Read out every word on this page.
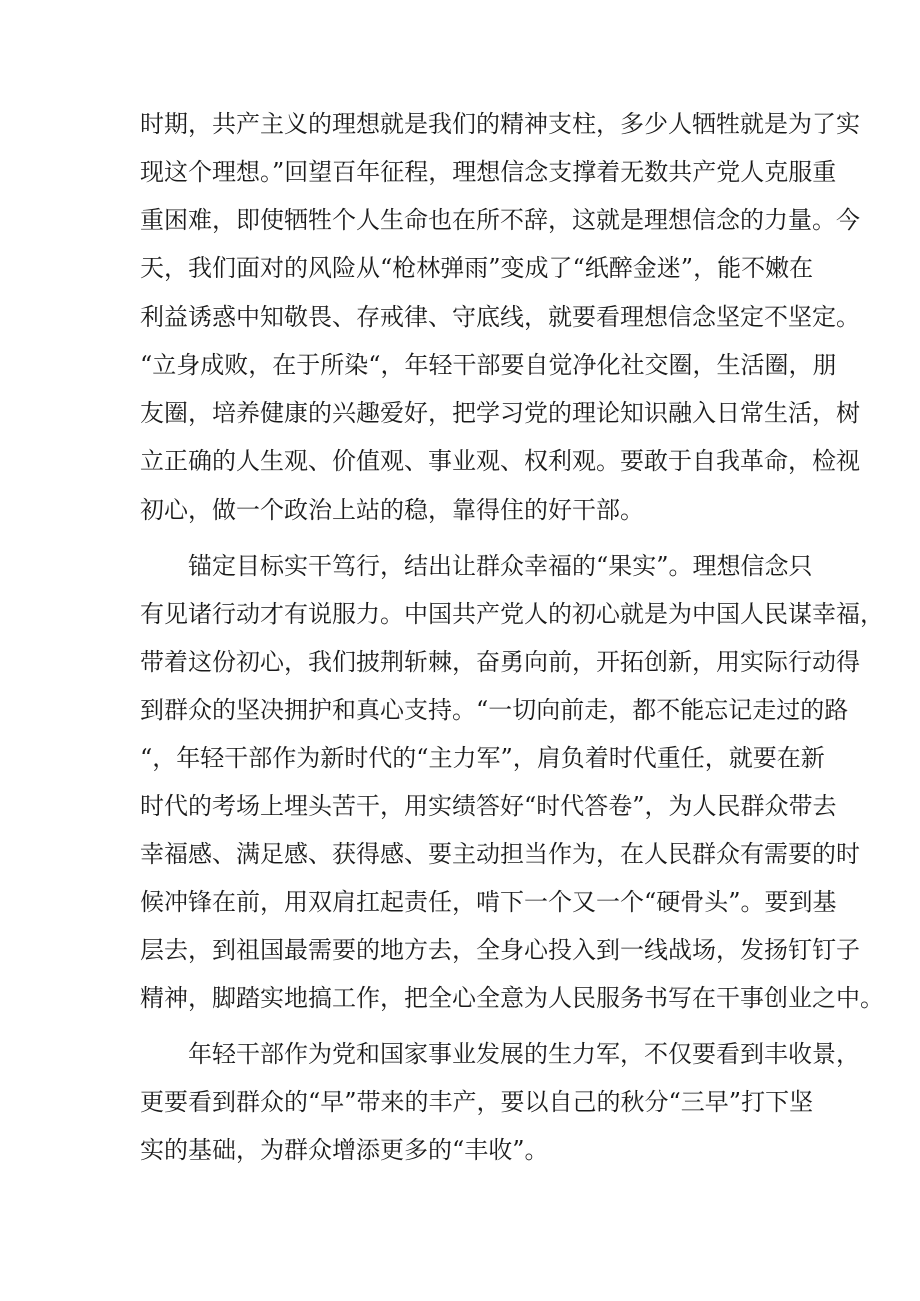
时期，共产主义的理想就是我们的精神支柱，多少人牺牲就是为了实
现这个理想。”回望百年征程，理想信念支撑着无数共产党人克服重
重困难，即使牺牲个人生命也在所不辞，这就是理想信念的力量。今
天，我们面对的风险从“枪林弹雨”变成了“纸醉金迷”，能不嫩在
利益诱惑中知敬畏、存戒律、守底线，就要看理想信念坚定不坚定。
“立身成败，在于所染“，年轻干部要自觉净化社交圈，生活圈，朋
友圈，培养健康的兴趣爱好，把学习党的理论知识融入日常生活，树
立正确的人生观、价值观、事业观、权利观。要敢于自我革命，检视
初心，做一个政治上站的稳，靠得住的好干部。
锚定目标实干笃行，结出让群众幸福的“果实”。理想信念只
有见诸行动才有说服力。中国共产党人的初心就是为中国人民谋幸福，
带着这份初心，我们披荆斩棘，奋勇向前，开拓创新，用实际行动得
到群众的坚决拥护和真心支持。“一切向前走，都不能忘记走过的路
“，年轻干部作为新时代的“主力军”，肩负着时代重任，就要在新
时代的考场上埋头苦干，用实绩答好“时代答卷”，为人民群众带去
幸福感、满足感、获得感、要主动担当作为，在人民群众有需要的时
候冲锋在前，用双肩扛起责任，啃下一个又一个“硬骨头”。要到基
层去，到祖国最需要的地方去，全身心投入到一线战场，发扬钉钉子
精神，脚踏实地搞工作，把全心全意为人民服务书写在干事创业之中。
年轻干部作为党和国家事业发展的生力军，不仅要看到丰收景，
更要看到群众的“早”带来的丰产，要以自己的秋分“三早”打下坚
实的基础，为群众增添更多的“丰收”。
